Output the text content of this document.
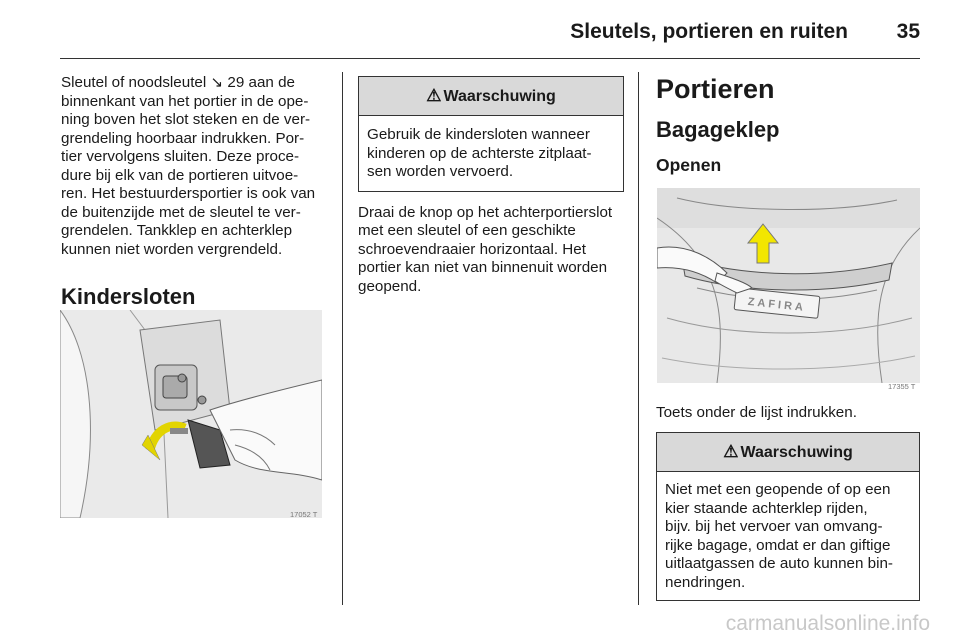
Sleutels, portieren en ruiten 35

Sleutel of noodsleutel ↘ 29 aan de
binnenkant van het portier in de ope-
ning boven het slot steken en de ver-
grendeling hoorbaar indrukken. Por-
tier vervolgens sluiten. Deze proce-
dure bij elk van de portieren uitvoe-
ren. Het bestuurdersportier is ook van
de buitenzijde met de sleutel te ver-
grendelen. Tankklep en achterklep
kunnen niet worden vergrendeld.

Kindersloten
17052 T
⚠ Waarschuwing
Gebruik de kindersloten wanneer
kinderen op de achterste zitplaat-
sen worden vervoerd.

Draai de knop op het achterportierslot
met een sleutel of een geschikte
schroevendraaier horizontaal. Het
portier kan niet van binnenuit worden
geopend.

Portieren
Bagageklep
Openen
ZAFIRA
17355 T
Toets onder de lijst indrukken.
⚠ Waarschuwing
Niet met een geopende of op een
kier staande achterklep rijden,
bijv. bij het vervoer van omvang-
rijke bagage, omdat er dan giftige
uitlaatgassen de auto kunnen bin-
nendringen.
carmanualsonline.info
